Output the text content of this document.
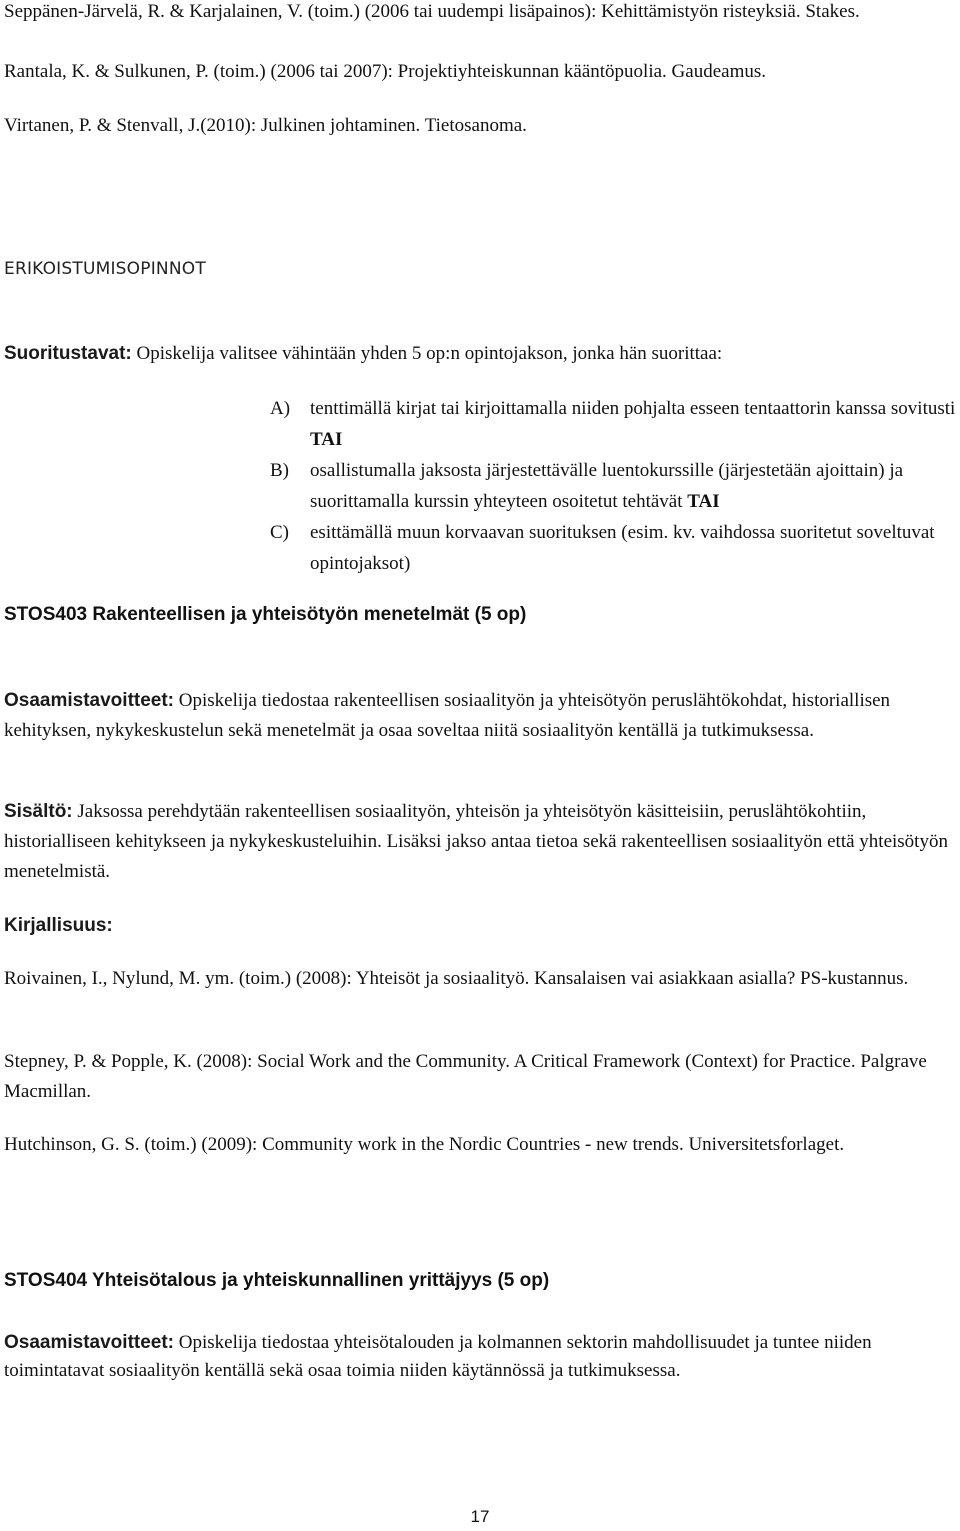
Seppänen-Järvelä, R. & Karjalainen, V. (toim.) (2006 tai uudempi lisäpainos): Kehittämistyön risteyksiä. Stakes.

Rantala, K. & Sulkunen, P. (toim.) (2006 tai 2007): Projektiyhteiskunnan kääntöpuolia. Gaudeamus.

Virtanen, P. & Stenvall, J.(2010): Julkinen johtaminen. Tietosanoma.

ERIKOISTUMISOPINNOT

Suoritustavat: Opiskelija valitsee vähintään yhden 5 op:n opintojakson, jonka hän suorittaa:

A) tenttimällä kirjat tai kirjoittamalla niiden pohjalta esseen tentaattorin kanssa sovitusti TAI
B) osallistumalla jaksosta järjestettävälle luentokurssille (järjestetään ajoittain) ja suorittamalla kurssin yhteyteen osoitetut tehtävät TAI
C) esittämällä muun korvaavan suorituksen (esim. kv. vaihdossa suoritetut soveltuvat opintojaksot)

STOS403 Rakenteellisen ja yhteisötyön menetelmät (5 op)

Osaamistavoitteet: Opiskelija tiedostaa rakenteellisen sosiaalityön ja yhteisötyön peruslähtökohdat, historiallisen kehityksen, nykykeskustelun sekä menetelmät ja osaa soveltaa niitä sosiaalityön kentällä ja tutkimuksessa.

Sisältö: Jaksossa perehdytään rakenteellisen sosiaalityön, yhteisön ja yhteisötyön käsitteisiin, peruslähtökohtiin, historialliseen kehitykseen ja nykykeskusteluihin. Lisäksi jakso antaa tietoa sekä rakenteellisen sosiaalityön että yhteisötyön menetelmistä.

Kirjallisuus:

Roivainen, I., Nylund, M. ym. (toim.) (2008): Yhteisöt ja sosiaalityö. Kansalaisen vai asiakkaan asialla? PS-kustannus.

Stepney, P. & Popple, K. (2008): Social Work and the Community. A Critical Framework (Context) for Practice. Palgrave Macmillan.

Hutchinson, G. S. (toim.) (2009): Community work in the Nordic Countries - new trends. Universitetsforlaget.

STOS404 Yhteisötalous ja yhteiskunnallinen yrittäjyys (5 op)

Osaamistavoitteet: Opiskelija tiedostaa yhteisötalouden ja kolmannen sektorin mahdollisuudet ja tuntee niiden toimintatavat sosiaalityön kentällä sekä osaa toimia niiden käytännössä ja tutkimuksessa.

17
